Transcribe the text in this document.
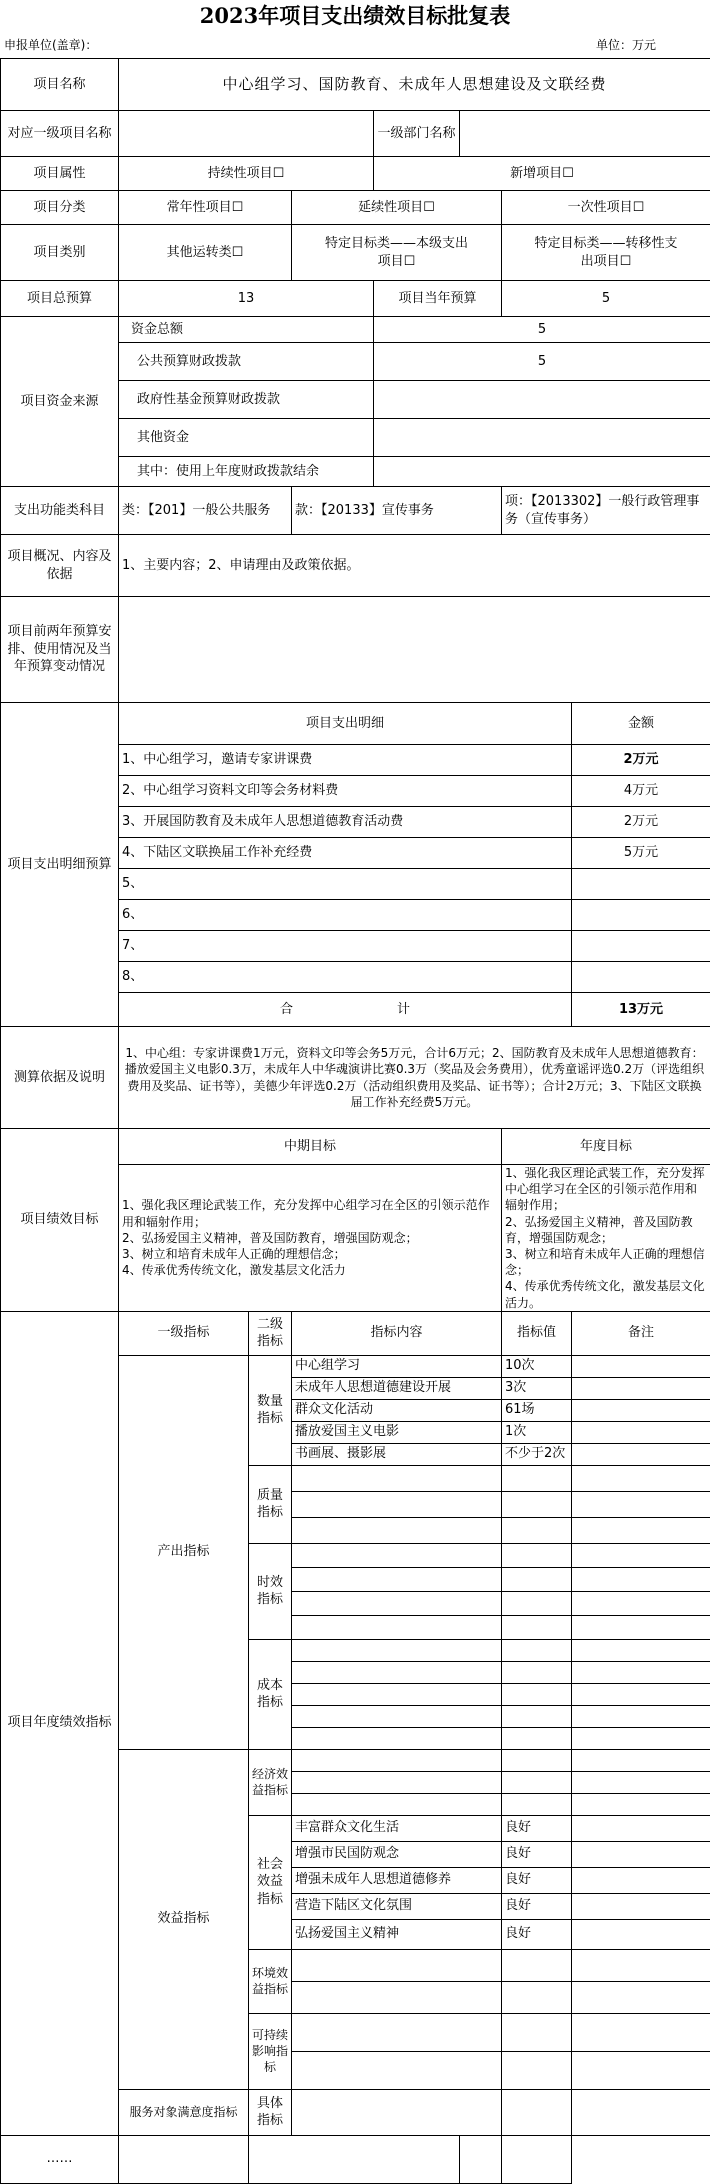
2023年项目支出绩效目标批复表
申报单位(盖章)：	单位：万元
项目名称	中心组学习、国防教育、未成年人思想建设及文联经费						
对应一级项目名称				一级部门名称			
项目属性	持续性项目☐			新增项目☐			
项目分类	常年性项目☐		延续性项目☐			一次性项目☐	
项目类别	其他运转类☐		特定目标类——本级支出项目☐			特定目标类——转移性支出项目☐	
项目总预算	13			项目当年预算		5	
项目资金来源	资金总额			5			
	公共预算财政拨款			5			
	政府性基金预算财政拨款						
	其他资金						
	其中：使用上年度财政拨款结余						
支出功能类科目	类：【201】一般公共服务		款：【20133】宣传事务			项：【2013302】一般行政管理事务（宣传事务）	
项目概况、内容及依据	1、主要内容；2、申请理由及政策依据。						
项目前两年预算安排、使用情况及当年预算变动情况							
项目支出明细预算	项目支出明细						金额
	1、中心组学习，邀请专家讲课费						2万元
	2、中心组学习资料文印等会务材料费						4万元
	3、开展国防教育及未成年人思想道德教育活动费						2万元
	4、下陆区文联换届工作补充经费						5万元
	5、						
	6、						
	7、						
	8、						
	合　　　　　　　　计						13万元
测算依据及说明	1、中心组：专家讲课费1万元，资料文印等会务5万元，合计6万元；2、国防教育及未成年人思想道德教育：播放爱国主义电影0.3万，未成年人中华魂演讲比赛0.3万（奖品及会务费用），优秀童谣评选0.2万（评选组织费用及奖品、证书等），美德少年评选0.2万（活动组织费用及奖品、证书等）；合计2万元；3、下陆区文联换届工作补充经费5万元。						
项目绩效目标	中期目标					年度目标	
	1、强化我区理论武装工作，充分发挥中心组学习在全区的引领示范作用和辐射作用；
2、弘扬爱国主义精神，普及国防教育，增强国防观念；
3、树立和培育未成年人正确的理想信念；
4、传承优秀传统文化，激发基层文化活力					1、强化我区理论武装工作，充分发挥中心组学习在全区的引领示范作用和辐射作用；
2、弘扬爱国主义精神，普及国防教育，增强国防观念；
3、树立和培育未成年人正确的理想信念；
4、传承优秀传统文化，激发基层文化活力。	
项目年度绩效指标	一级指标	二级指标	指标内容			指标值	备注
	产出指标	数量指标	中心组学习			10次	
			未成年人思想道德建设开展			3次	
			群众文化活动			61场	
			播放爱国主义电影			1次	
			书画展、摄影展			不少于2次	
		质量指标					

		时效指标					

		成本指标					

	效益指标	经济效益指标					

		社会效益指标	丰富群众文化生活			良好	
			增强市民国防观念			良好	
			增强未成年人思想道德修养			良好	
			营造下陆区文化氛围			良好	
			弘扬爱国主义精神			良好	
		环境效益指标					

		可持续影响指标					

	服务对象满意度指标	具体指标					
……							
